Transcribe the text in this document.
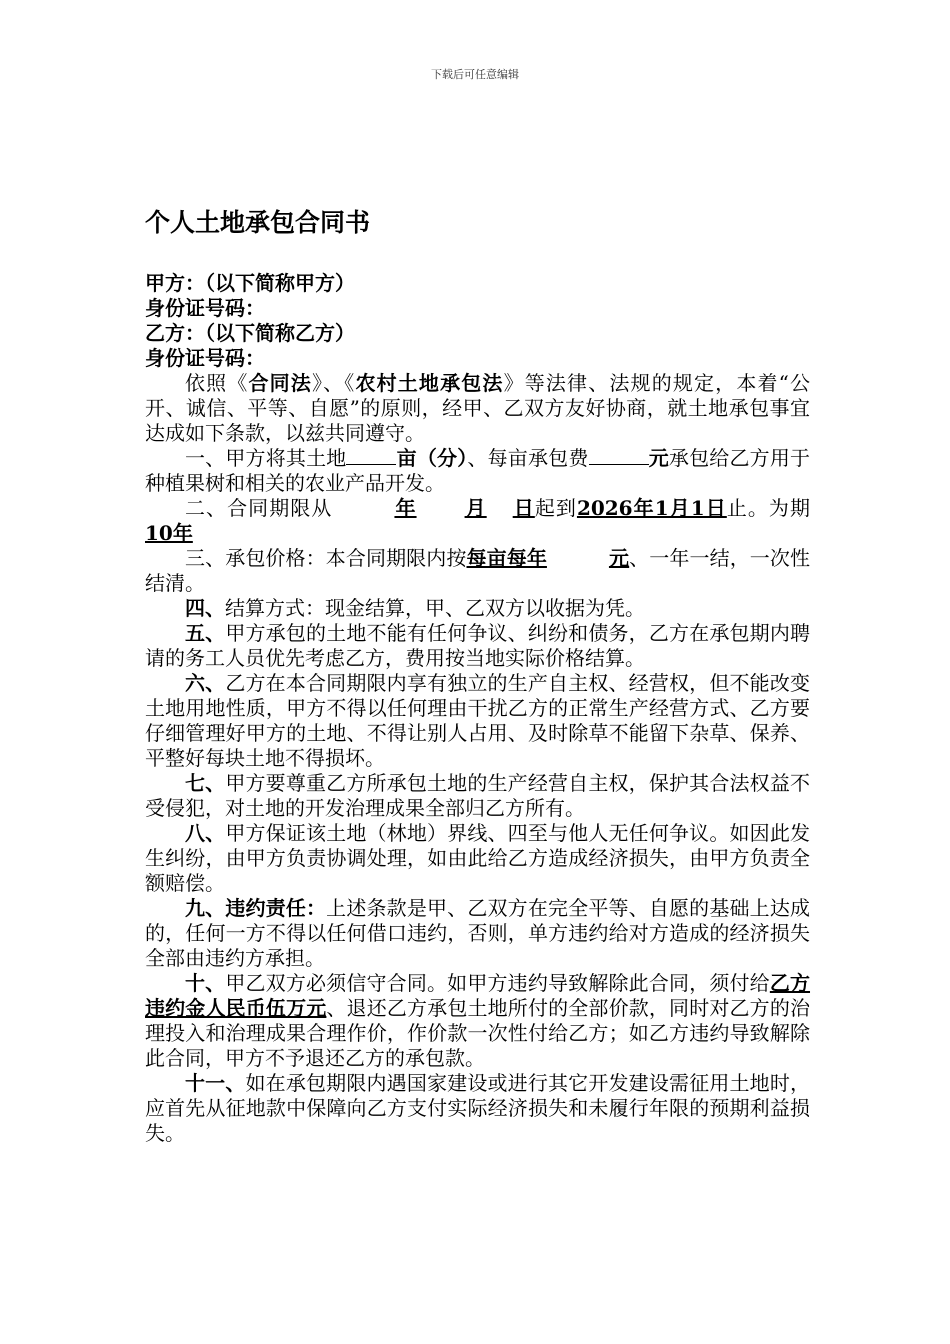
下载后可任意编辑
个人土地承包合同书

甲方：（以下简称甲方）

身份证号码：

乙方：（以下简称乙方）

身份证号码：

依照《合同法》、《农村土地承包法》等法律、法规的规定，本着“公开、诚信、平等、自愿”的原则，经甲、乙双方友好协商，就土地承包事宜达成如下条款，以兹共同遵守。

一、甲方将其土地	亩（分）、每亩承包费	元承包给乙方用于种植果树和相关的农业产品开发。

二、合同期限从	年 月 日起到2026年1月1日止。为期10年

三、承包价格：本合同期限内按每亩每年	元、一年一结，一次性结清。

四、结算方式：现金结算，甲、乙双方以收据为凭。

五、甲方承包的土地不能有任何争议、纠纷和债务，乙方在承包期内聘请的务工人员优先考虑乙方，费用按当地实际价格结算。

六、乙方在本合同期限内享有独立的生产自主权、经营权，但不能改变土地用地性质，甲方不得以任何理由干扰乙方的正常生产经营方式、乙方要仔细管理好甲方的土地、不得让别人占用、及时除草不能留下杂草、保养、平整好每块土地不得损坏。

七、甲方要尊重乙方所承包土地的生产经营自主权，保护其合法权益不受侵犯，对土地的开发治理成果全部归乙方所有。

八、甲方保证该土地（林地）界线、四至与他人无任何争议。如因此发生纠纷，由甲方负责协调处理，如由此给乙方造成经济损失，由甲方负责全额赔偿。

九、违约责任：上述条款是甲、乙双方在完全平等、自愿的基础上达成的，任何一方不得以任何借口违约，否则，单方违约给对方造成的经济损失全部由违约方承担。

十、甲乙双方必须信守合同。如甲方违约导致解除此合同，须付给乙方违约金人民币伍万元、退还乙方承包土地所付的全部价款，同时对乙方的治理投入和治理成果合理作价，作价款一次性付给乙方；如乙方违约导致解除此合同，甲方不予退还乙方的承包款。

十一、如在承包期限内遇国家建设或进行其它开发建设需征用土地时，应首先从征地款中保障向乙方支付实际经济损失和未履行年限的预期利益损失。
